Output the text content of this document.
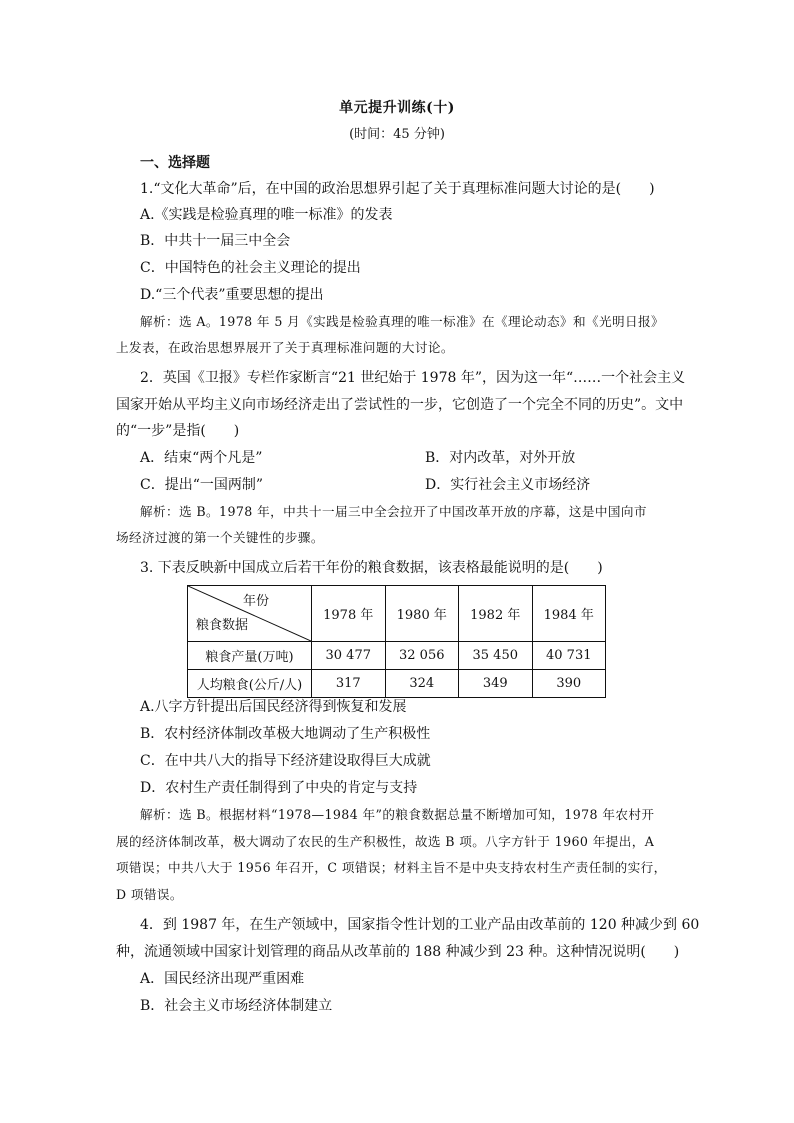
单元提升训练(十)
(时间：45 分钟)
一、选择题
1.“文化大革命”后，在中国的政治思想界引起了关于真理标准问题大讨论的是(　　)
A.《实践是检验真理的唯一标准》的发表
B．中共十一届三中全会
C．中国特色的社会主义理论的提出
D.“三个代表”重要思想的提出
解析：选 A。1978 年 5 月《实践是检验真理的唯一标准》在《理论动态》和《光明日报》
上发表，在政治思想界展开了关于真理标准问题的大讨论。
2．英国《卫报》专栏作家断言“21 世纪始于 1978 年”，因为这一年“……一个社会主义
国家开始从平均主义向市场经济走出了尝试性的一步，它创造了一个完全不同的历史”。文中
的“一步”是指(　　)
A．结束“两个凡是”	B．对内改革，对外开放
C．提出“一国两制”	D．实行社会主义市场经济
解析：选 B。1978 年，中共十一届三中全会拉开了中国改革开放的序幕，这是中国向市
场经济过渡的第一个关键性的步骤。
3. 下表反映新中国成立后若干年份的粮食数据，该表格最能说明的是(　　)
年份
粮食数据	1978 年	1980 年	1982 年	1984 年
粮食产量(万吨)	30 477	32 056	35 450	40 731
人均粮食(公斤/人)	317	324	349	390
A.八字方针提出后国民经济得到恢复和发展
B．农村经济体制改革极大地调动了生产积极性
C．在中共八大的指导下经济建设取得巨大成就
D．农村生产责任制得到了中央的肯定与支持
解析：选 B。根据材料“1978—1984 年”的粮食数据总量不断增加可知，1978 年农村开
展的经济体制改革，极大调动了农民的生产积极性，故选 B 项。八字方针于 1960 年提出，A
项错误；中共八大于 1956 年召开，C 项错误；材料主旨不是中央支持农村生产责任制的实行，
D 项错误。
4．到 1987 年，在生产领域中，国家指令性计划的工业产品由改革前的 120 种减少到 60
种，流通领域中国家计划管理的商品从改革前的 188 种减少到 23 种。这种情况说明(　　)
A．国民经济出现严重困难
B．社会主义市场经济体制建立
